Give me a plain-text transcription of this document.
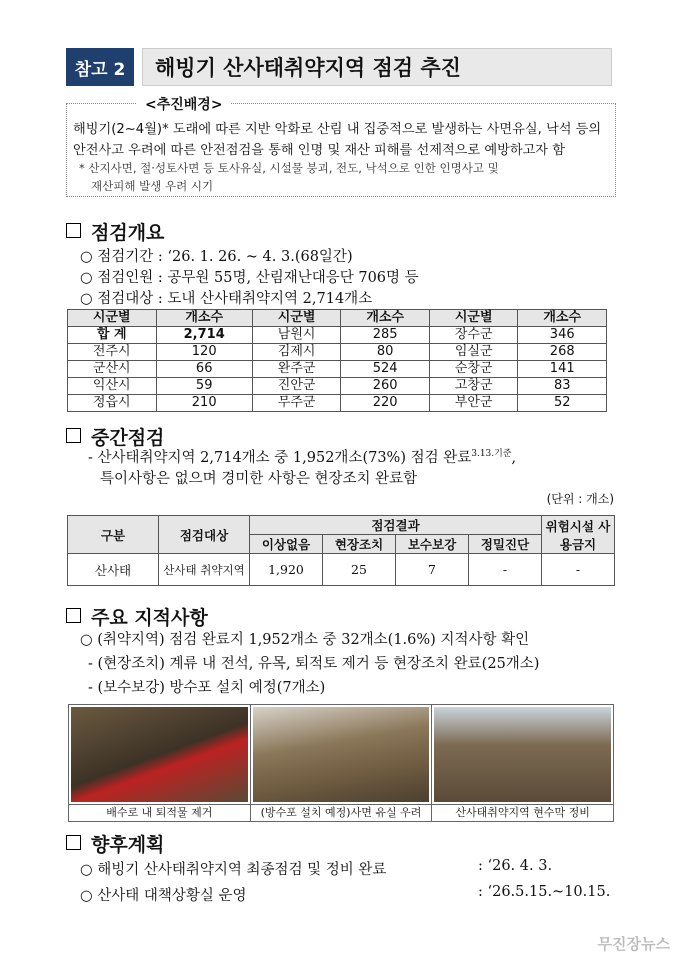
참고 2	해빙기 산사태취약지역 점검 추진
<추진배경>

해빙기(2~4월)* 도래에 따른 지반 악화로 산림 내 집중적으로 발생하는 사면유실, 낙석 등의

안전사고 우려에 따른 안전점검을 통해 인명 및 재산 피해를 선제적으로 예방하고자 함

* 산지사면, 절·성토사면 등 토사유실, 시설물 붕괴, 전도, 낙석으로 인한 인명사고 및

재산피해 발생 우려 시기

점검개요
○ 점검기간 : ‘26. 1. 26. ~ 4. 3.(68일간)
○ 점검인원 : 공무원 55명, 산림재난대응단 706명 등
○ 점검대상 : 도내 산사태취약지역 2,714개소
시군별	개소수	시군별	개소수	시군별	개소수
합 계	2,714	남원시	285	장수군	346
전주시	120	김제시	80	임실군	268
군산시	66	완주군	524	순창군	141
익산시	59	진안군	260	고창군	83
정읍시	210	무주군	220	부안군	52
중간점검
- 산사태취약지역 2,714개소 중 1,952개소(73%) 점검 완료$^{3.13.기준}$,
특이사항은 없으며 경미한 사항은 현장조치 완료함
(단위 : 개소)
구분	점검대상	점검결과				위험시설 사용금지
		이상없음	현장조치	보수보강	정밀진단	
산사태	산사태 취약지역	1,920	25	7	-	-
주요 지적사항
○ (취약지역) 점검 완료지 1,952개소 중 32개소(1.6%) 지적사항 확인
- (현장조치) 계류 내 전석, 유목, 퇴적토 제거 등 현장조치 완료(25개소)
- (보수보강) 방수포 설치 예정(7개소)
배수로 내 퇴적물 제거	(방수포 설치 예정)사면 유실 우려	산사태취약지역 현수막 정비
향후계획
○ 해빙기 산사태취약지역 최종점검 및 정비 완료	: ‘26. 4. 3.
○ 산사태 대책상황실 운영	: ‘26.5.15.~10.15.
무진장뉴스
